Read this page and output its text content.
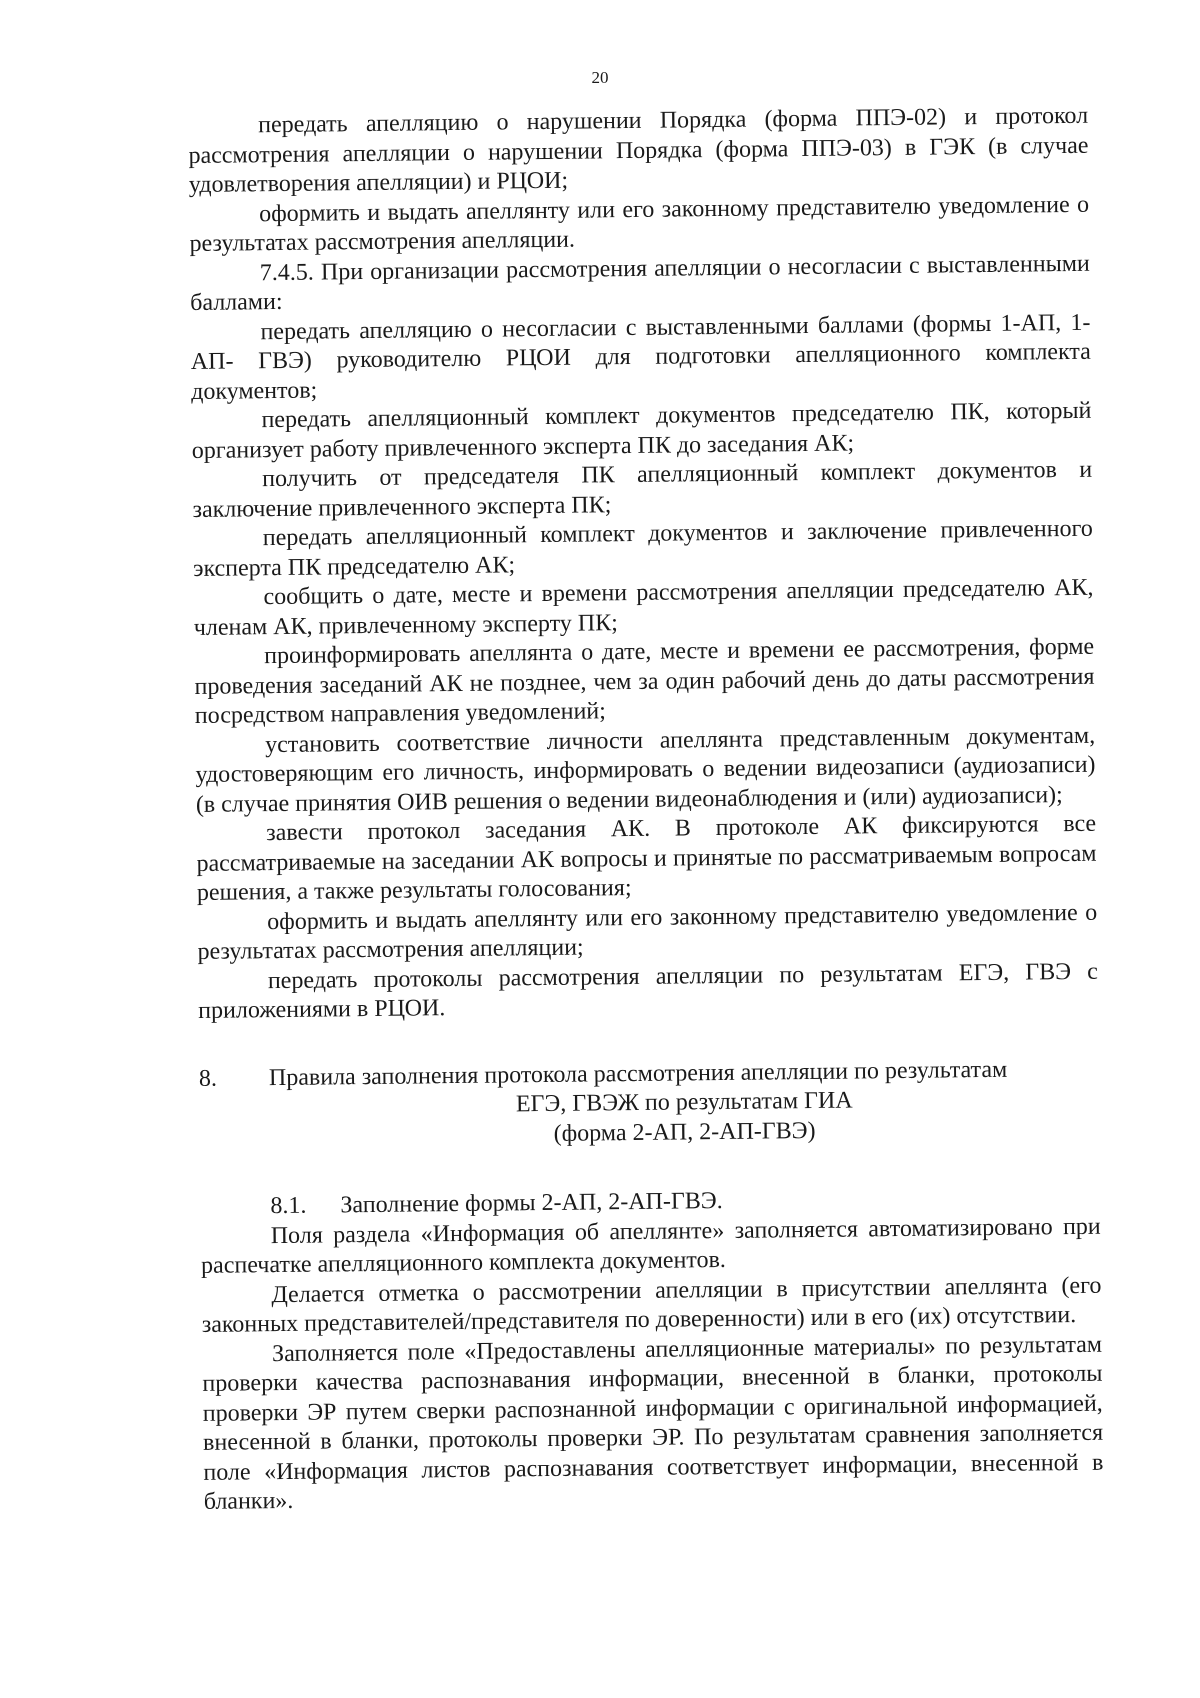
20

передать апелляцию о нарушении Порядка (форма ППЭ-02) и протокол рассмотрения апелляции о нарушении Порядка (форма ППЭ-03) в ГЭК (в случае удовлетворения апелляции) и РЦОИ;

оформить и выдать апеллянту или его законному представителю уведомление о результатах рассмотрения апелляции.

7.4.5. При организации рассмотрения апелляции о несогласии с выставленными баллами:

передать апелляцию о несогласии с выставленными баллами (формы 1-АП, 1-АП- ГВЭ) руководителю РЦОИ для подготовки апелляционного комплекта документов;

передать апелляционный комплект документов председателю ПК, который организует работу привлеченного эксперта ПК до заседания АК;

получить от председателя ПК апелляционный комплект документов и заключение привлеченного эксперта ПК;

передать апелляционный комплект документов и заключение привлеченного эксперта ПК председателю АК;

сообщить о дате, месте и времени рассмотрения апелляции председателю АК, членам АК, привлеченному эксперту ПК;

проинформировать апеллянта о дате, месте и времени ее рассмотрения, форме проведения заседаний АК не позднее, чем за один рабочий день до даты рассмотрения посредством направления уведомлений;

установить соответствие личности апеллянта представленным документам, удостоверяющим его личность, информировать о ведении видеозаписи (аудиозаписи) (в случае принятия ОИВ решения о ведении видеонаблюдения и (или) аудиозаписи);

завести протокол заседания АК. В протоколе АК фиксируются все рассматриваемые на заседании АК вопросы и принятые по рассматриваемым вопросам решения, а также результаты голосования;

оформить и выдать апеллянту или его законному представителю уведомление о результатах рассмотрения апелляции;

передать протоколы рассмотрения апелляции по результатам ЕГЭ, ГВЭ с приложениями в РЦОИ.

8.	Правила заполнения протокола рассмотрения апелляции по результатам

ЕГЭ, ГВЭЖ по результатам ГИА

(форма 2-АП, 2-АП-ГВЭ)

8.1. Заполнение формы 2-АП, 2-АП-ГВЭ.

Поля раздела «Информация об апеллянте» заполняется автоматизировано при распечатке апелляционного комплекта документов.

Делается отметка о рассмотрении апелляции в присутствии апеллянта (его законных представителей/представителя по доверенности) или в его (их) отсутствии.

Заполняется поле «Предоставлены апелляционные материалы» по результатам проверки качества распознавания информации, внесенной в бланки, протоколы проверки ЭР путем сверки распознанной информации с оригинальной информацией, внесенной в бланки, протоколы проверки ЭР. По результатам сравнения заполняется поле «Информация листов распознавания соответствует информации, внесенной в бланки».
